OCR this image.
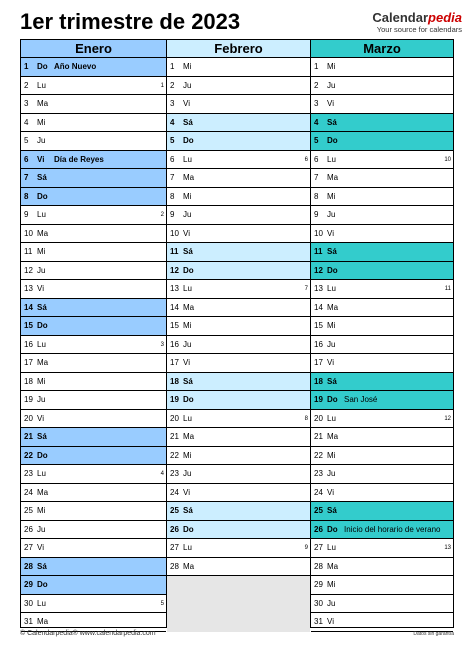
1er trimestre de 2023	Calendarpedia
Your source for calendars
Enero
1	Do Año Nuevo
2	Lu	1
3	Ma
4	Mi
5	Ju
6	Vi Día de Reyes
7	Sá
8	Do
9	Lu	2
10 Ma
11 Mi
12 Ju
13 Vi
14 Sá
15 Do
16 Lu	3
17 Ma
18 Mi
19 Ju
20 Vi
21 Sá
22 Do
23 Lu	4
24 Ma
25 Mi
26 Ju
27 Vi
28 Sá
29 Do
30 Lu	5
31 Ma
Febrero
1	Mi
2	Ju
3	Vi
4	Sá
5	Do
6	Lu	6
7	Ma
8	Mi
9	Ju
10 Vi
11 Sá
12 Do
13 Lu	7
14 Ma
15 Mi
16 Ju
17 Vi
18 Sá
19 Do
20 Lu	8
21 Ma
22 Mi
23 Ju
24 Vi
25 Sá
26 Do
27 Lu	9
28 Ma
Marzo
1	Mi
2	Ju
3	Vi
4	Sá
5	Do
6	Lu	10
7	Ma
8	Mi
9	Ju
10 Vi
11 Sá
12 Do
13 Lu	11
14 Ma
15 Mi
16 Ju
17 Vi
18 Sá
19 Do San José
20 Lu	12
21 Ma
22 Mi
23 Ju
24 Vi
25 Sá
26 Do Inicio del horario de verano
27 Lu	13
28 Ma
29 Mi
30 Ju
31 Vi
© Calendarpedia® www.calendarpedia.com	Datos sin garantía
